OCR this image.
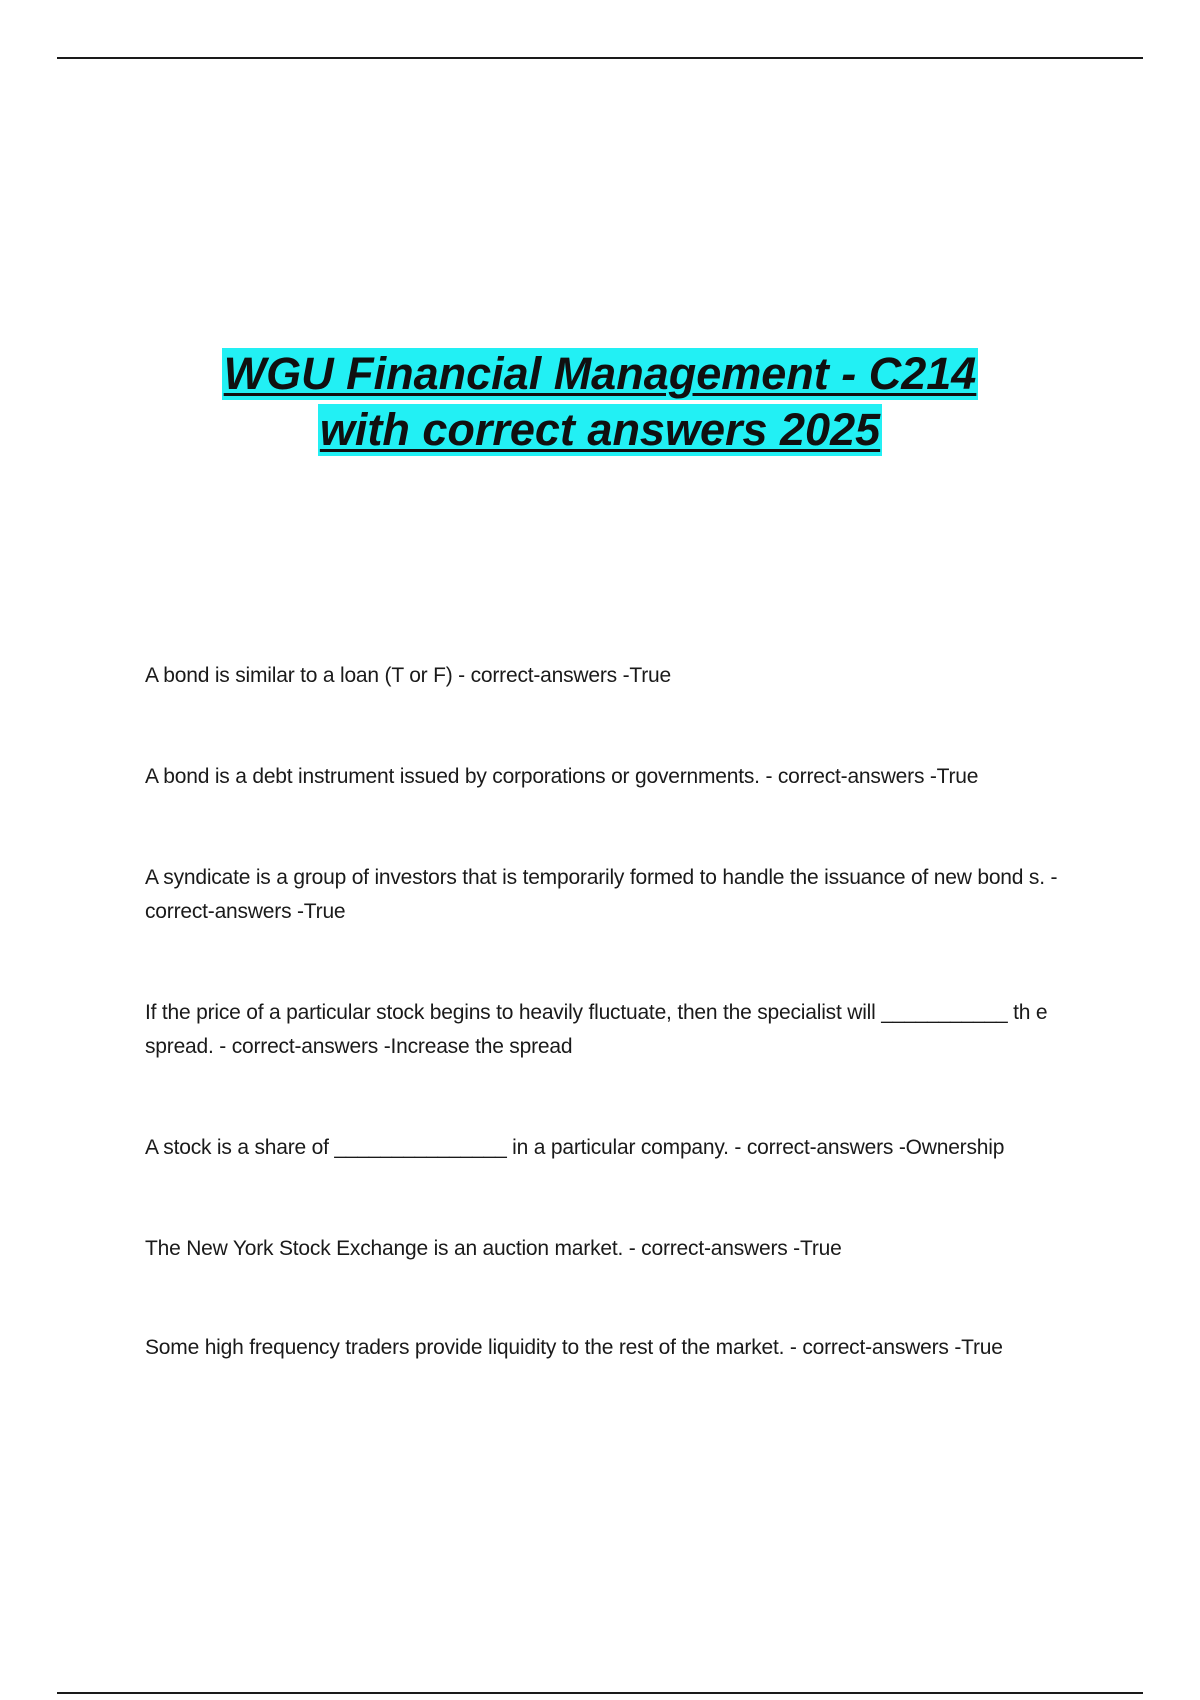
WGU Financial Management - C214
with correct answers 2025
A bond is similar to a loan (T or F) - correct-answers -True
A bond is a debt instrument issued by corporations or governments. - correct-answers -True
A syndicate is a group of investors that is temporarily formed to handle the issuance of new bond s. - correct-answers -True
If the price of a particular stock begins to heavily fluctuate, then the specialist will ___________ th e spread. - correct-answers -Increase the spread
A stock is a share of _______________ in a particular company. - correct-answers -Ownership
The New York Stock Exchange is an auction market. - correct-answers -True
Some high frequency traders provide liquidity to the rest of the market. - correct-answers -True
